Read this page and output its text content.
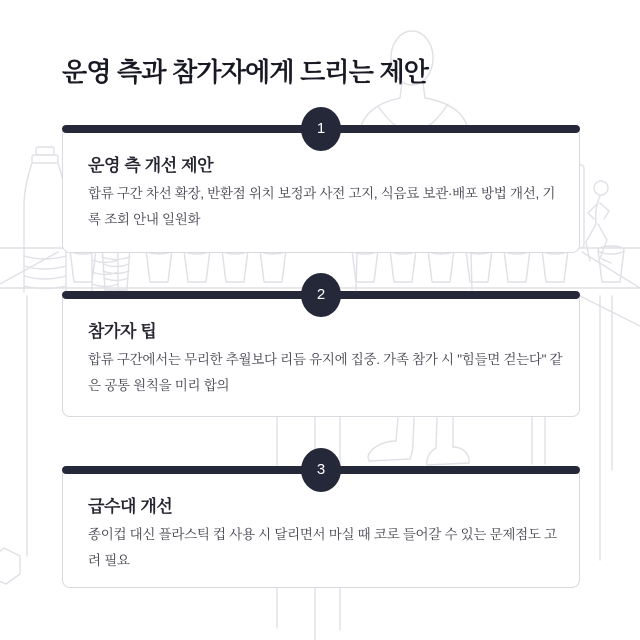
운영 측과 참가자에게 드리는 제안
1
운영 측 개선 제안

합류 구간 차선 확장, 반환점 위치 보정과 사전 고지, 식음료 보관·배포 방법 개선, 기록 조회 안내 일원화

2
참가자 팁

합류 구간에서는 무리한 추월보다 리듬 유지에 집중. 가족 참가 시 "힘들면 걷는다" 같은 공통 원칙을 미리 합의

3
급수대 개선

종이컵 대신 플라스틱 컵 사용 시 달리면서 마실 때 코로 들어갈 수 있는 문제점도 고려 필요
